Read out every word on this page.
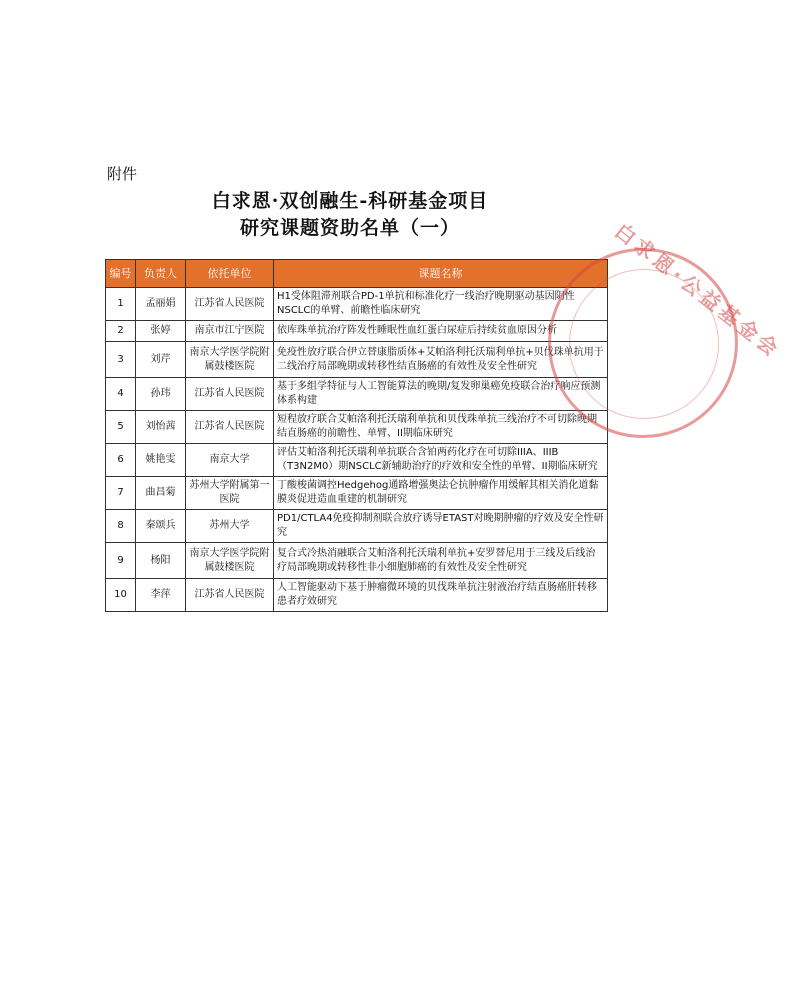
附件
白求恩·双创融生-科研基金项目
研究课题资助名单（一）
编号	负责人	依托单位	课题名称
1	孟丽娟	江苏省人民医院	H1受体阻滞剂联合PD-1单抗和标准化疗一线治疗晚期驱动基因阴性NSCLC的单臂、前瞻性临床研究
2	张婷	南京市江宁医院	依库珠单抗治疗阵发性睡眠性血红蛋白尿症后持续贫血原因分析
3	刘芹	南京大学医学院附属鼓楼医院	免疫性放疗联合伊立替康脂质体+艾帕洛利托沃瑞利单抗+贝伐珠单抗用于二线治疗局部晚期或转移性结直肠癌的有效性及安全性研究
4	孙玮	江苏省人民医院	基于多组学特征与人工智能算法的晚期/复发卵巢癌免疫联合治疗响应预测体系构建
5	刘怡茜	江苏省人民医院	短程放疗联合艾帕洛利托沃瑞利单抗和贝伐珠单抗三线治疗不可切除晚期结直肠癌的前瞻性、单臂、II期临床研究
6	姚艳雯	南京大学	评估艾帕洛利托沃瑞利单抗联合含铂两药化疗在可切除IIIA、IIIB（T3N2M0）期NSCLC新辅助治疗的疗效和安全性的单臂、II期临床研究
7	曲昌菊	苏州大学附属第一医院	丁酸梭菌调控Hedgehog通路增强奥法仑抗肿瘤作用缓解其相关消化道黏膜炎促进造血重建的机制研究
8	秦颂兵	苏州大学	PD1/CTLA4免疫抑制剂联合放疗诱导ETAST对晚期肿瘤的疗效及安全性研究
9	杨阳	南京大学医学院附属鼓楼医院	复合式冷热消融联合艾帕洛利托沃瑞利单抗+安罗替尼用于三线及后线治疗局部晚期或转移性非小细胞肺癌的有效性及安全性研究
10	李萍	江苏省人民医院	人工智能驱动下基于肿瘤微环境的贝伐珠单抗注射液治疗结直肠癌肝转移患者疗效研究
白求恩·公益基金会
